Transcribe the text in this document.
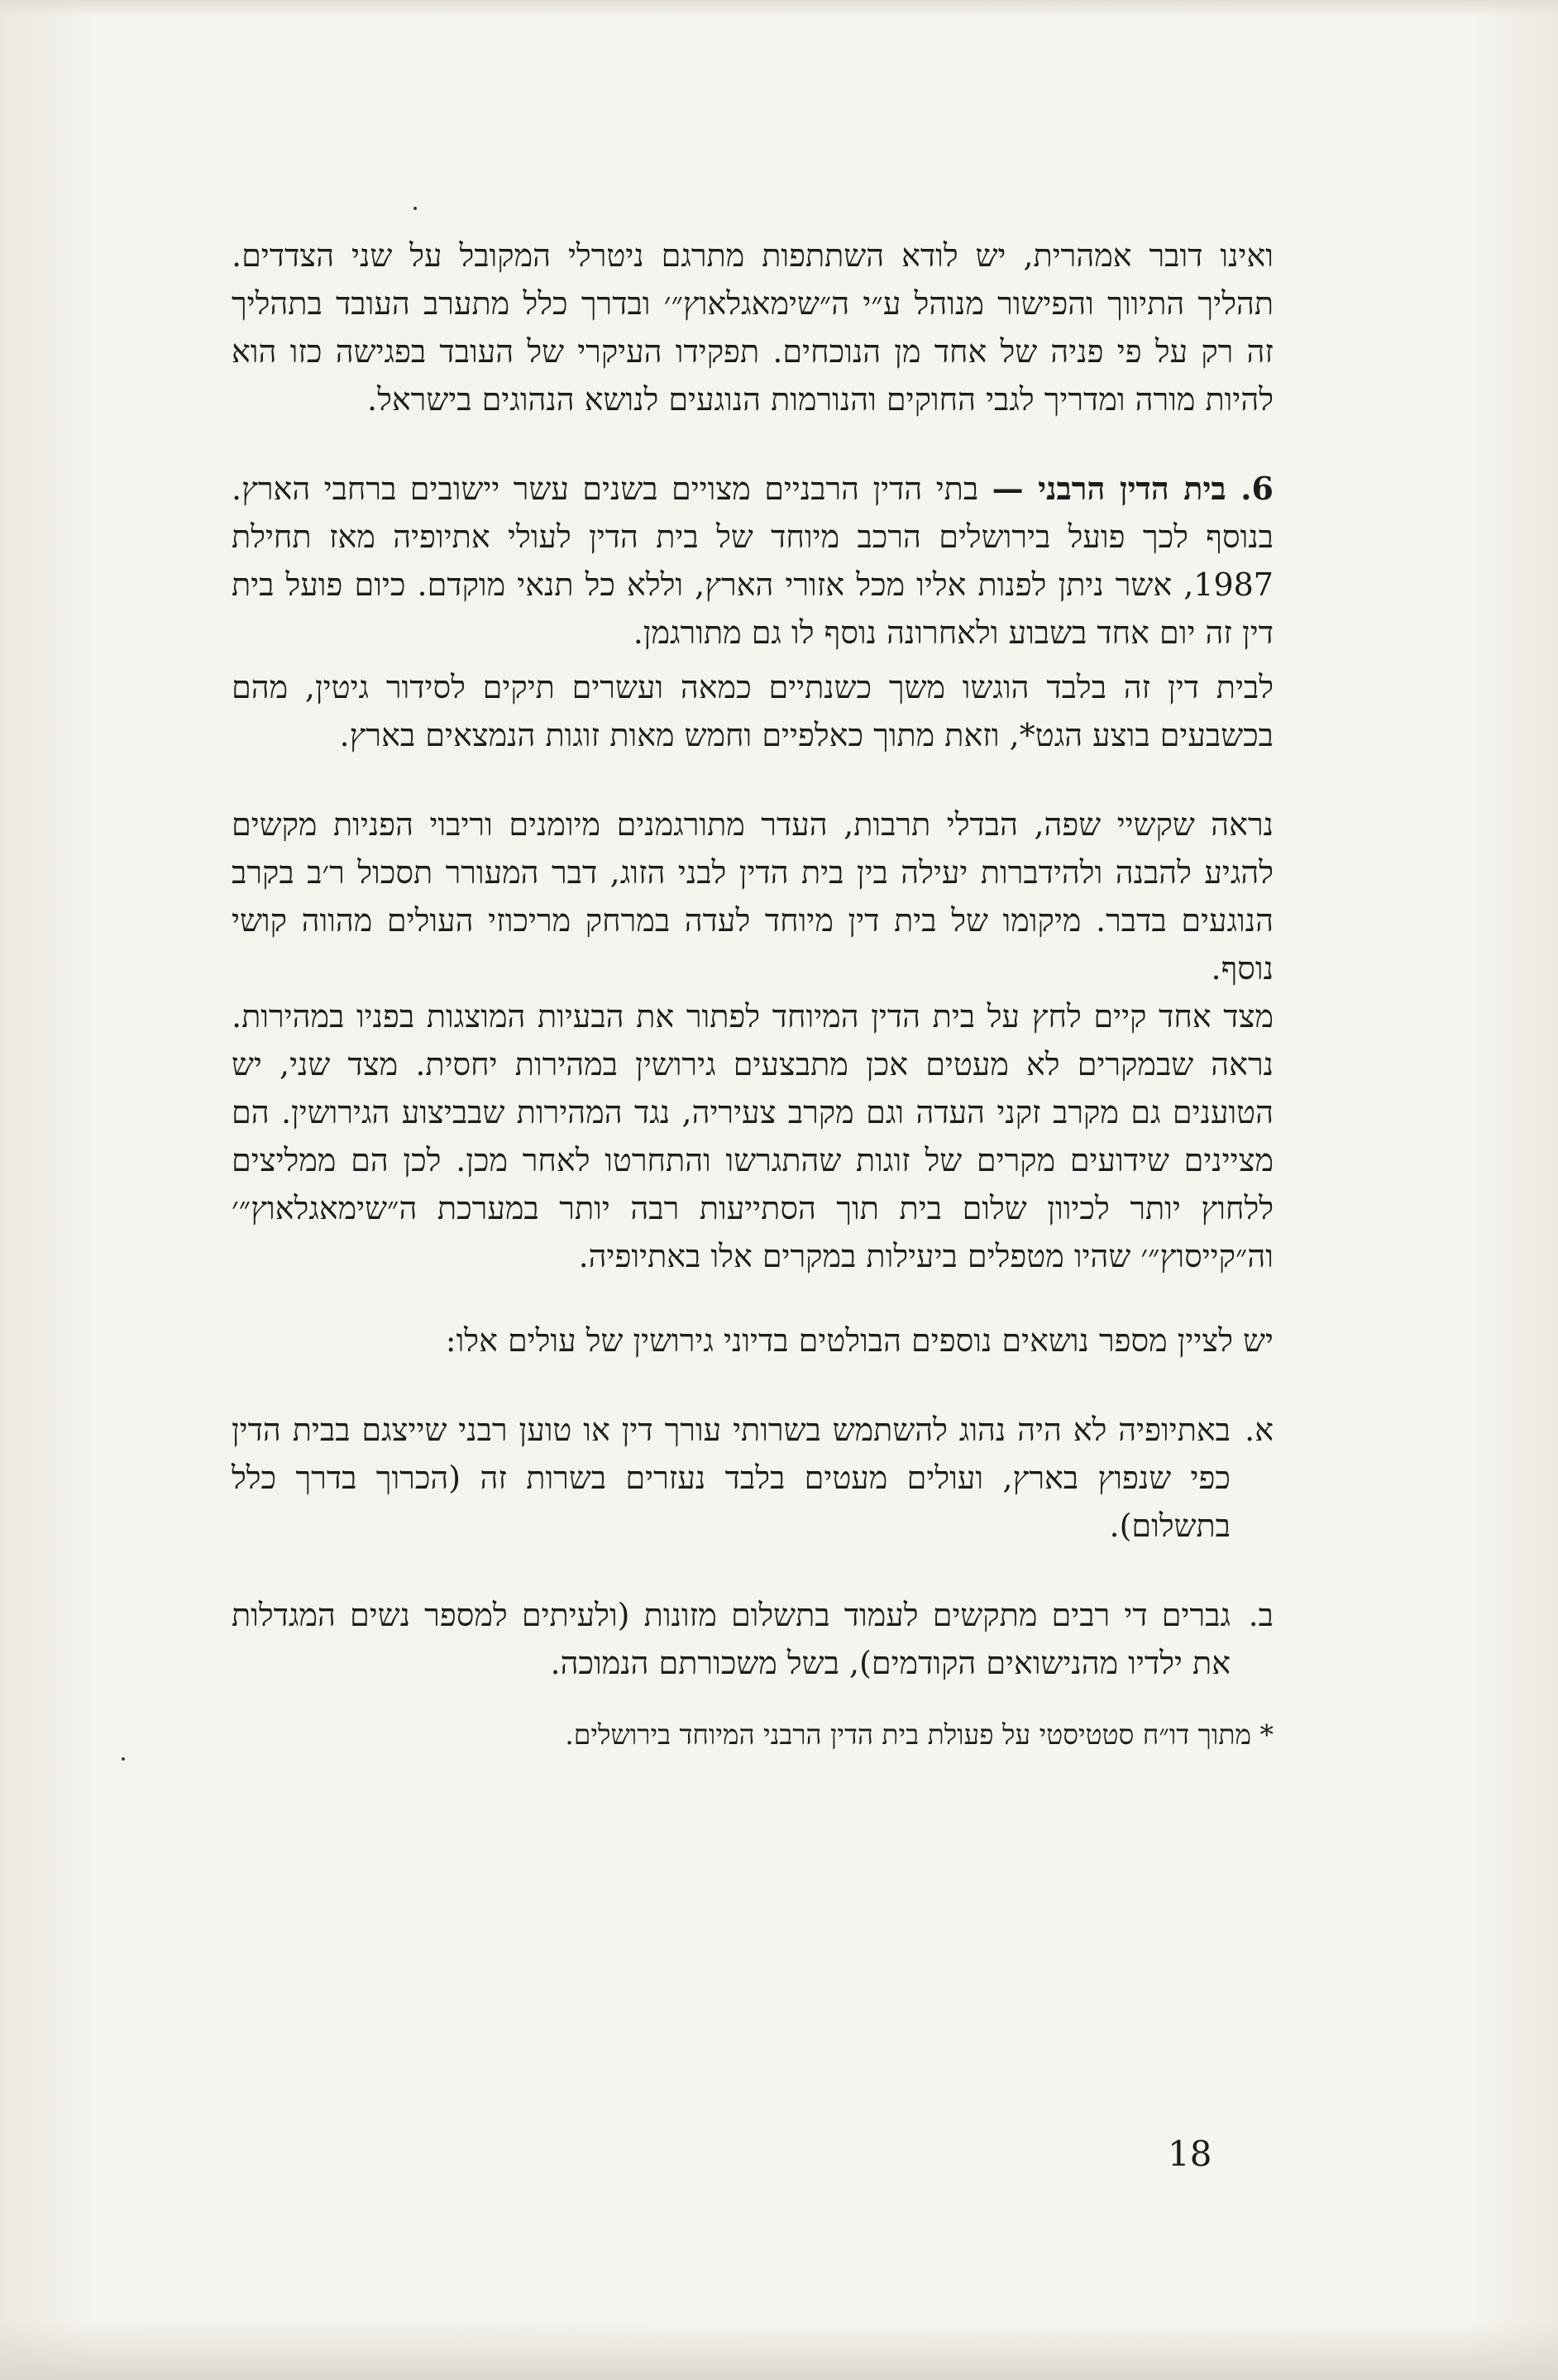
ואינו דובר אמהרית, יש לודא השתתפות מתרגם ניטרלי המקובל על שני הצדדים. תהליך התיווך והפישור מנוהל ע״י ה״שימאגלאוץ״׳ ובדרך כלל מתערב העובד בתהליך זה רק על פי פניה של אחד מן הנוכחים. תפקידו העיקרי של העובד בפגישה כזו הוא להיות מורה ומדריך לגבי החוקים והנורמות הנוגעים לנושא הנהוגים בישראל.

6. בית הדין הרבני — בתי הדין הרבניים מצויים בשנים עשר יישובים ברחבי הארץ. בנוסף לכך פועל בירושלים הרכב מיוחד של בית הדין לעולי אתיופיה מאז תחילת 1987, אשר ניתן לפנות אליו מכל אזורי הארץ, וללא כל תנאי מוקדם. כיום פועל בית דין זה יום אחד בשבוע ולאחרונה נוסף לו גם מתורגמן.

לבית דין זה בלבד הוגשו משך כשנתיים כמאה ועשרים תיקים לסידור גיטין, מהם בכשבעים בוצע הגט*, וזאת מתוך כאלפיים וחמש מאות זוגות הנמצאים בארץ.

נראה שקשיי שפה, הבדלי תרבות, העדר מתורגמנים מיומנים וריבוי הפניות מקשים להגיע להבנה ולהידברות יעילה בין בית הדין לבני הזוג, דבר המעורר תסכול ר׳ב בקרב הנוגעים בדבר. מיקומו של בית דין מיוחד לעדה במרחק מריכוזי העולים מהווה קושי נוסף.

מצד אחד קיים לחץ על בית הדין המיוחד לפתור את הבעיות המוצגות בפניו במהירות. נראה שבמקרים לא מעטים אכן מתבצעים גירושין במהירות יחסית. מצד שני, יש הטוענים גם מקרב זקני העדה וגם מקרב צעיריה, נגד המהירות שבביצוע הגירושין. הם מציינים שידועים מקרים של זוגות שהתגרשו והתחרטו לאחר מכן. לכן הם ממליצים ללחוץ יותר לכיוון שלום בית תוך הסתייעות רבה יותר במערכת ה״שימאגלאוץ״׳ וה״קייסוץ״׳ שהיו מטפלים ביעילות במקרים אלו באתיופיה.

יש לציין מספר נושאים נוספים הבולטים בדיוני גירושין של עולים אלו:

א.
באתיופיה לא היה נהוג להשתמש בשרותי עורך דין או טוען רבני שייצגם בבית הדין כפי שנפוץ בארץ, ועולים מעטים בלבד נעזרים בשרות זה (הכרוך בדרך כלל בתשלום).
ב.
גברים די רבים מתקשים לעמוד בתשלום מזונות (ולעיתים למספר נשים המגדלות את ילדיו מהנישואים הקודמים), בשל משכורתם הנמוכה.

* מתוך דו״ח סטטיסטי על פעולת בית הדין הרבני המיוחד בירושלים.

18
